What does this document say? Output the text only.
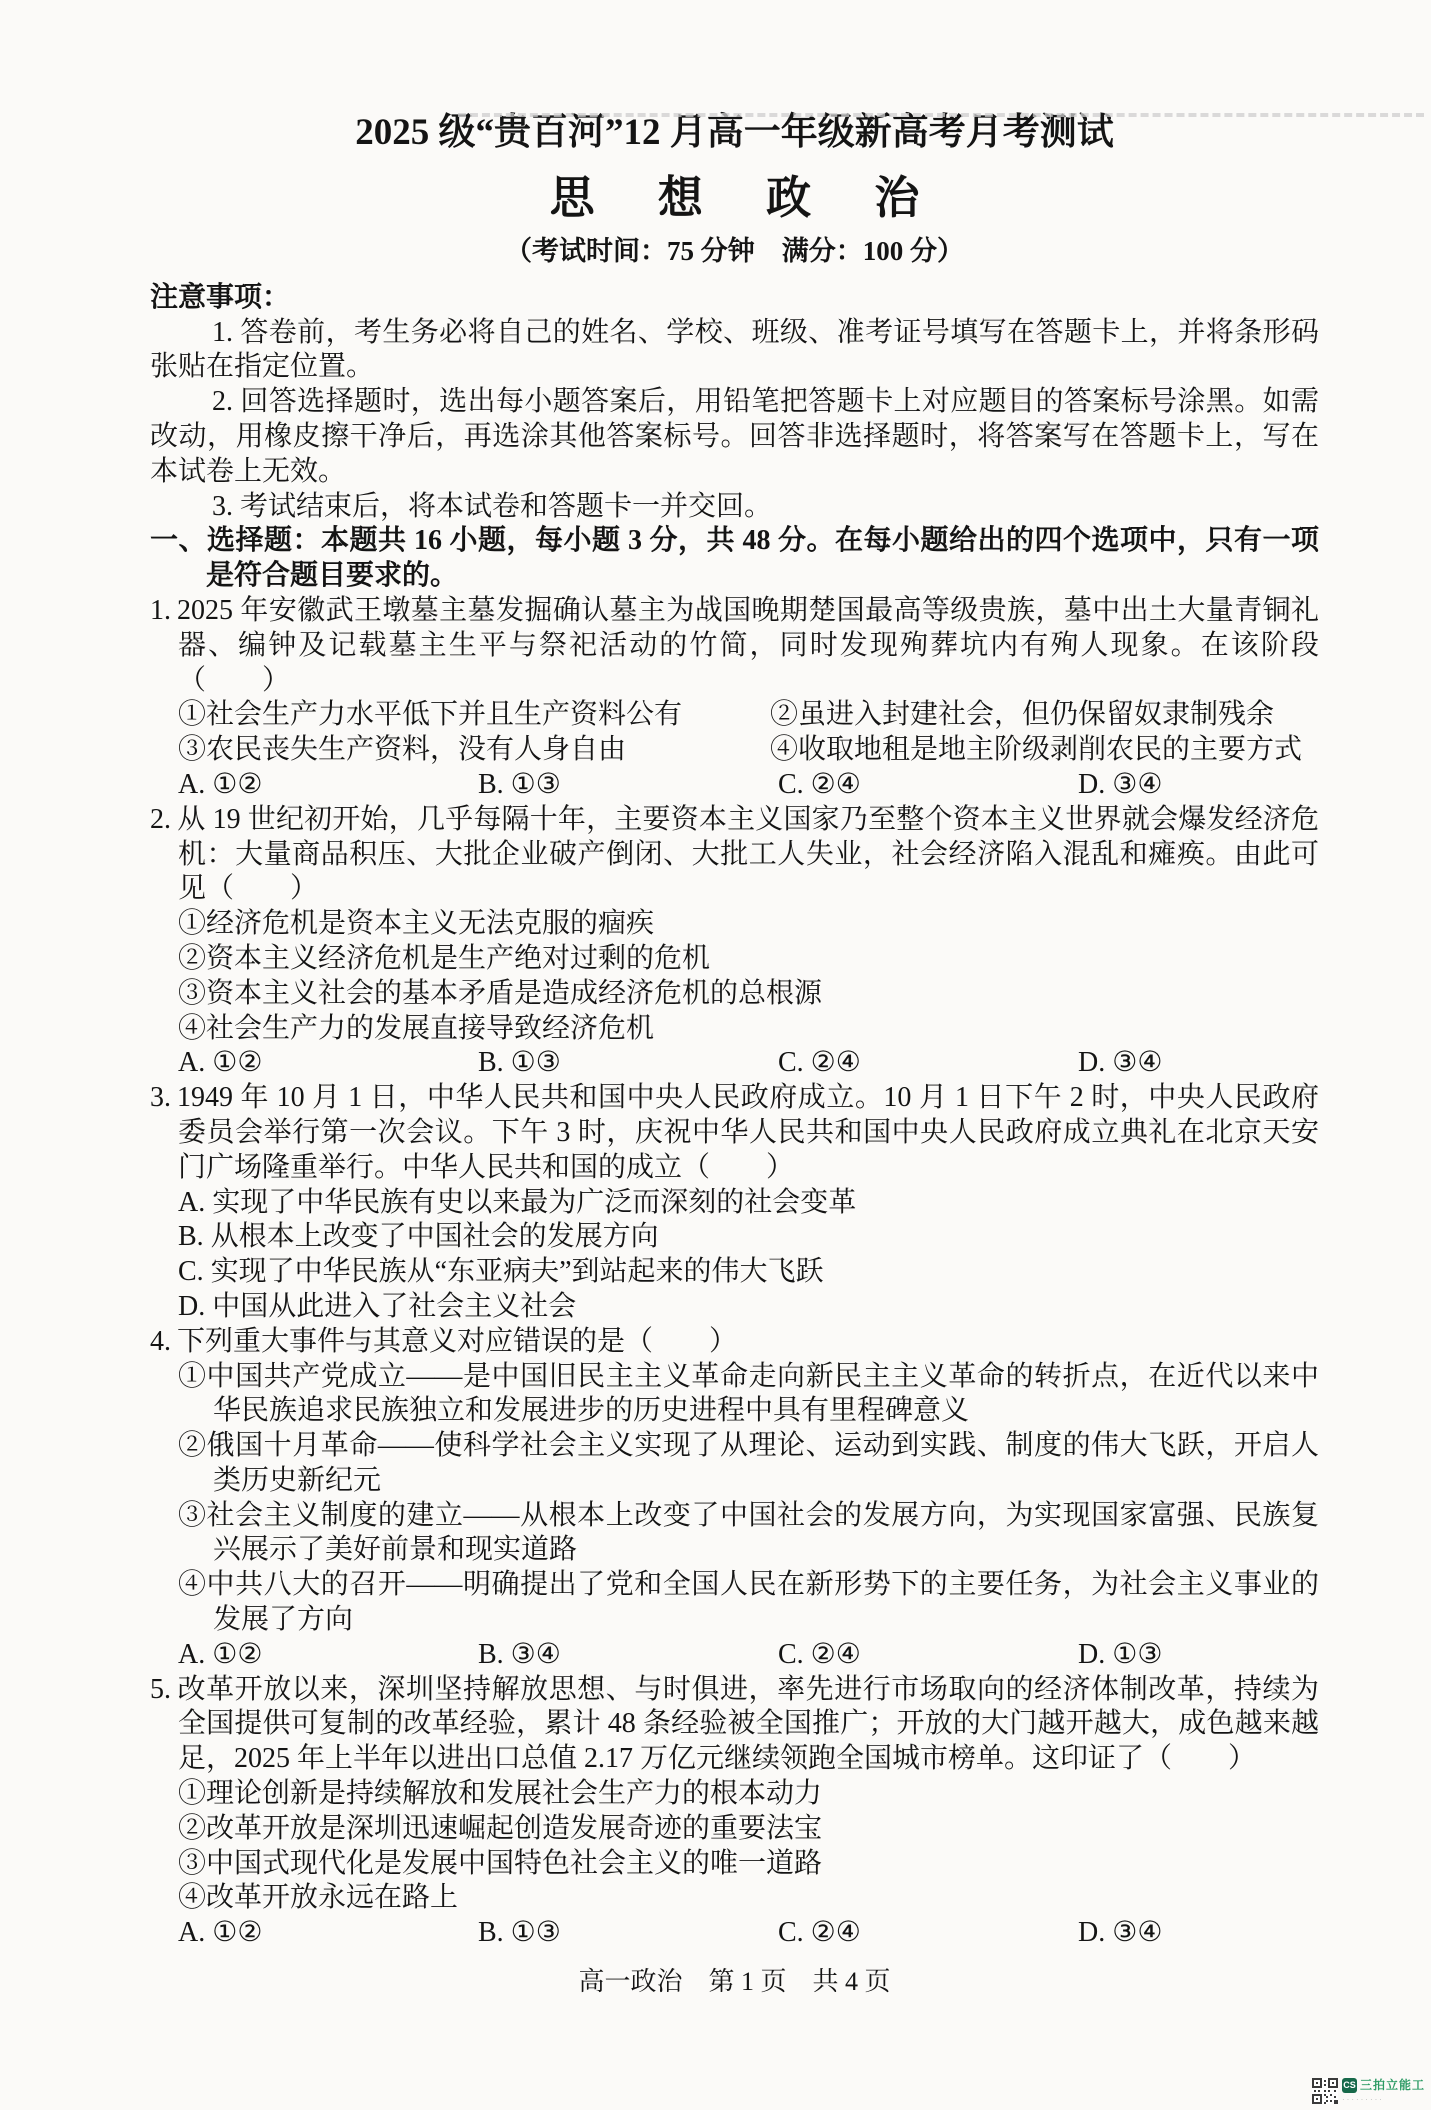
2025 级“贵百河”12 月高一年级新高考月考测试
思 想 政 治
（考试时间：75 分钟　满分：100 分）
注意事项：

1. 答卷前，考生务必将自己的姓名、学校、班级、准考证号填写在答题卡上，并将条形码张贴在指定位置。

2. 回答选择题时，选出每小题答案后，用铅笔把答题卡上对应题目的答案标号涂黑。如需改动，用橡皮擦干净后，再选涂其他答案标号。回答非选择题时，将答案写在答题卡上，写在本试卷上无效。

3. 考试结束后，将本试卷和答题卡一并交回。

一、选择题：本题共 16 小题，每小题 3 分，共 48 分。在每小题给出的四个选项中，只有一项是符合题目要求的。

1. 2025 年安徽武王墩墓主墓发掘确认墓主为战国晚期楚国最高等级贵族，墓中出土大量青铜礼器、编钟及记载墓主生平与祭祀活动的竹简，同时发现殉葬坑内有殉人现象。在该阶段（　　）

①社会生产力水平低下并且生产资料公有	②虽进入封建社会，但仍保留奴隶制残余
③农民丧失生产资料，没有人身自由	④收取地租是地主阶级剥削农民的主要方式
A. ①②	B. ①③	C. ②④	D. ③④

2. 从 19 世纪初开始，几乎每隔十年，主要资本主义国家乃至整个资本主义世界就会爆发经济危机：大量商品积压、大批企业破产倒闭、大批工人失业，社会经济陷入混乱和瘫痪。由此可见（　　）

①经济危机是资本主义无法克服的痼疾

②资本主义经济危机是生产绝对过剩的危机

③资本主义社会的基本矛盾是造成经济危机的总根源

④社会生产力的发展直接导致经济危机

A. ①②	B. ①③	C. ②④	D. ③④

3. 1949 年 10 月 1 日，中华人民共和国中央人民政府成立。10 月 1 日下午 2 时，中央人民政府委员会举行第一次会议。下午 3 时，庆祝中华人民共和国中央人民政府成立典礼在北京天安门广场隆重举行。中华人民共和国的成立（　　）

A. 实现了中华民族有史以来最为广泛而深刻的社会变革

B. 从根本上改变了中国社会的发展方向

C. 实现了中华民族从“东亚病夫”到站起来的伟大飞跃

D. 中国从此进入了社会主义社会

4. 下列重大事件与其意义对应错误的是（　　）

①中国共产党成立——是中国旧民主主义革命走向新民主主义革命的转折点，在近代以来中华民族追求民族独立和发展进步的历史进程中具有里程碑意义

②俄国十月革命——使科学社会主义实现了从理论、运动到实践、制度的伟大飞跃，开启人类历史新纪元

③社会主义制度的建立——从根本上改变了中国社会的发展方向，为实现国家富强、民族复兴展示了美好前景和现实道路

④中共八大的召开——明确提出了党和全国人民在新形势下的主要任务，为社会主义事业的发展了方向

A. ①②	B. ③④	C. ②④	D. ①③

5. 改革开放以来，深圳坚持解放思想、与时俱进，率先进行市场取向的经济体制改革，持续为全国提供可复制的改革经验，累计 48 条经验被全国推广；开放的大门越开越大，成色越来越足，2025 年上半年以进出口总值 2.17 万亿元继续领跑全国城市榜单。这印证了（　　）

①理论创新是持续解放和发展社会生产力的根本动力

②改革开放是深圳迅速崛起创造发展奇迹的重要法宝

③中国式现代化是发展中国特色社会主义的唯一道路

④改革开放永远在路上

A. ①②	B. ①③	C. ②④	D. ③④
高一政治　第 1 页　共 4 页
CS 三拍立能工
·········
